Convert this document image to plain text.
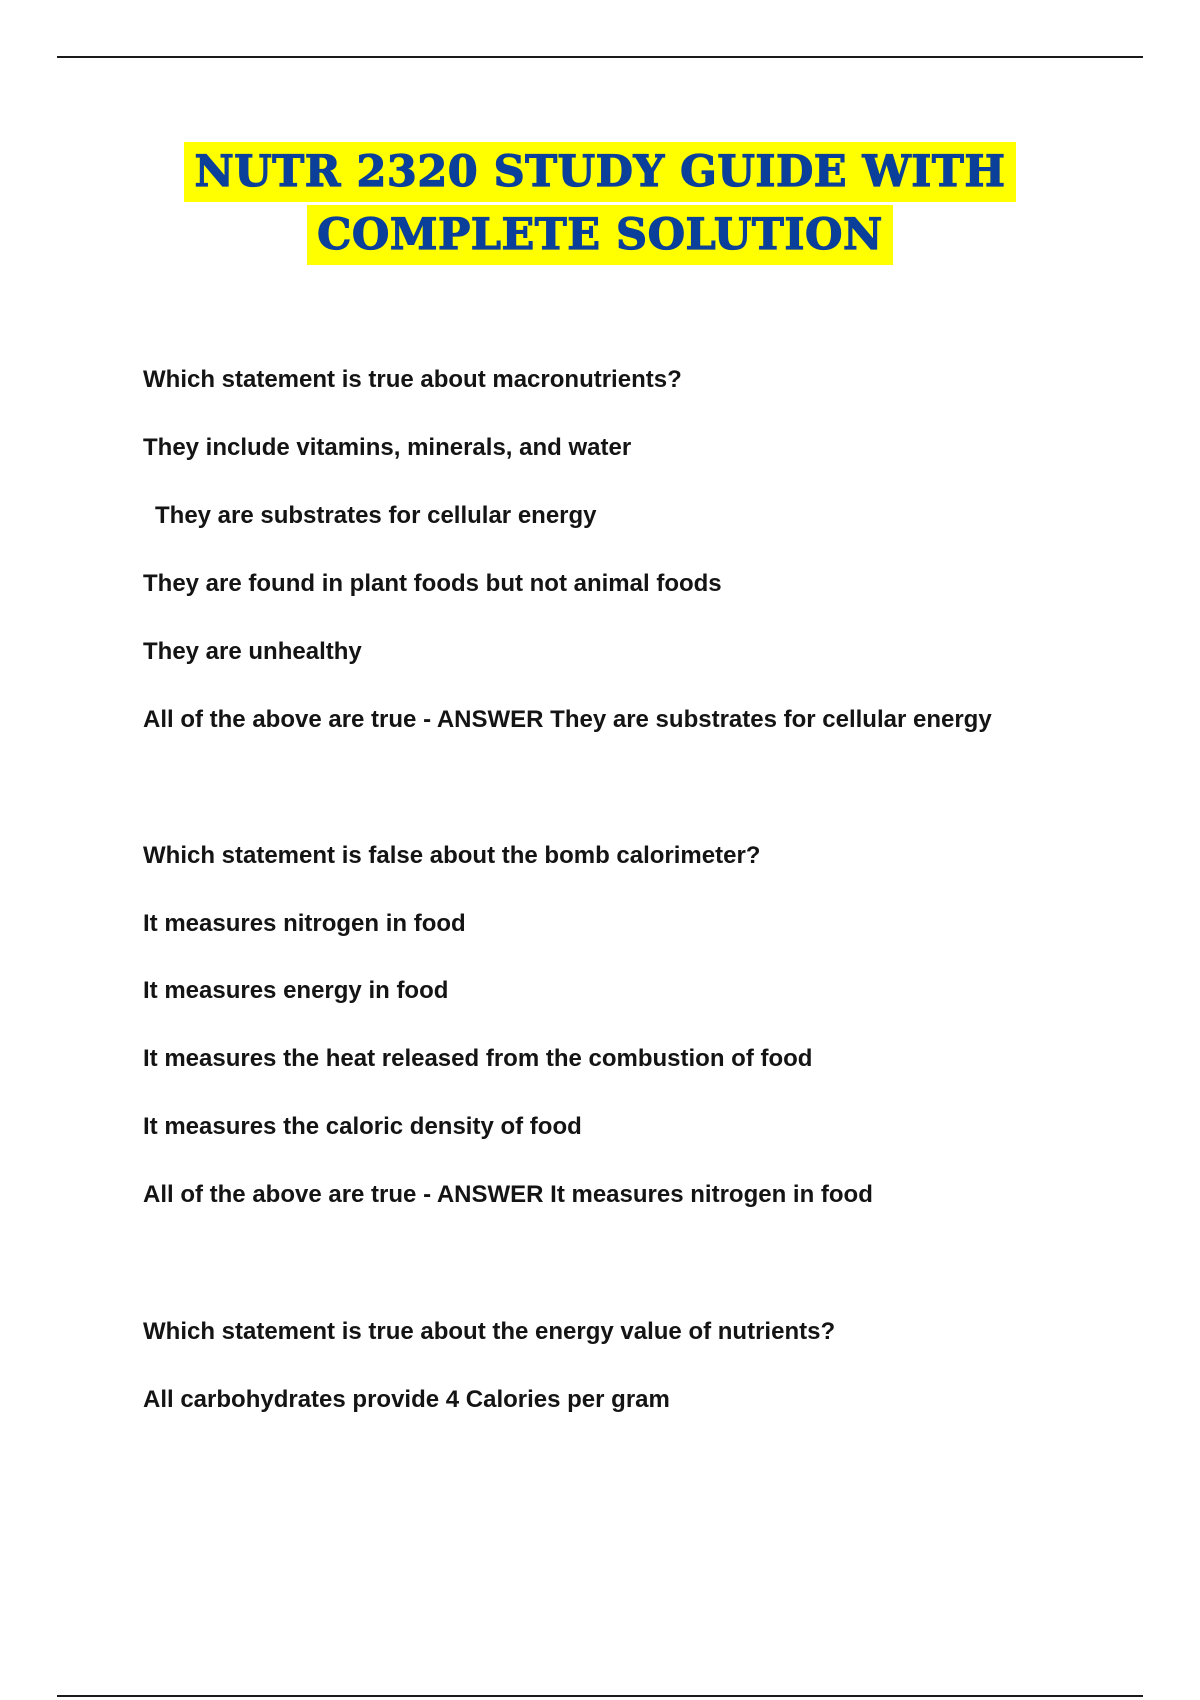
NUTR 2320 STUDY GUIDE WITH
COMPLETE SOLUTION
Which statement is true about macronutrients?
They include vitamins, minerals, and water
They are substrates for cellular energy
They are found in plant foods but not animal foods
They are unhealthy
All of the above are true - ANSWER They are substrates for cellular energy
Which statement is false about the bomb calorimeter?
It measures nitrogen in food
It measures energy in food
It measures the heat released from the combustion of food
It measures the caloric density of food
All of the above are true - ANSWER It measures nitrogen in food
Which statement is true about the energy value of nutrients?
All carbohydrates provide 4 Calories per gram
